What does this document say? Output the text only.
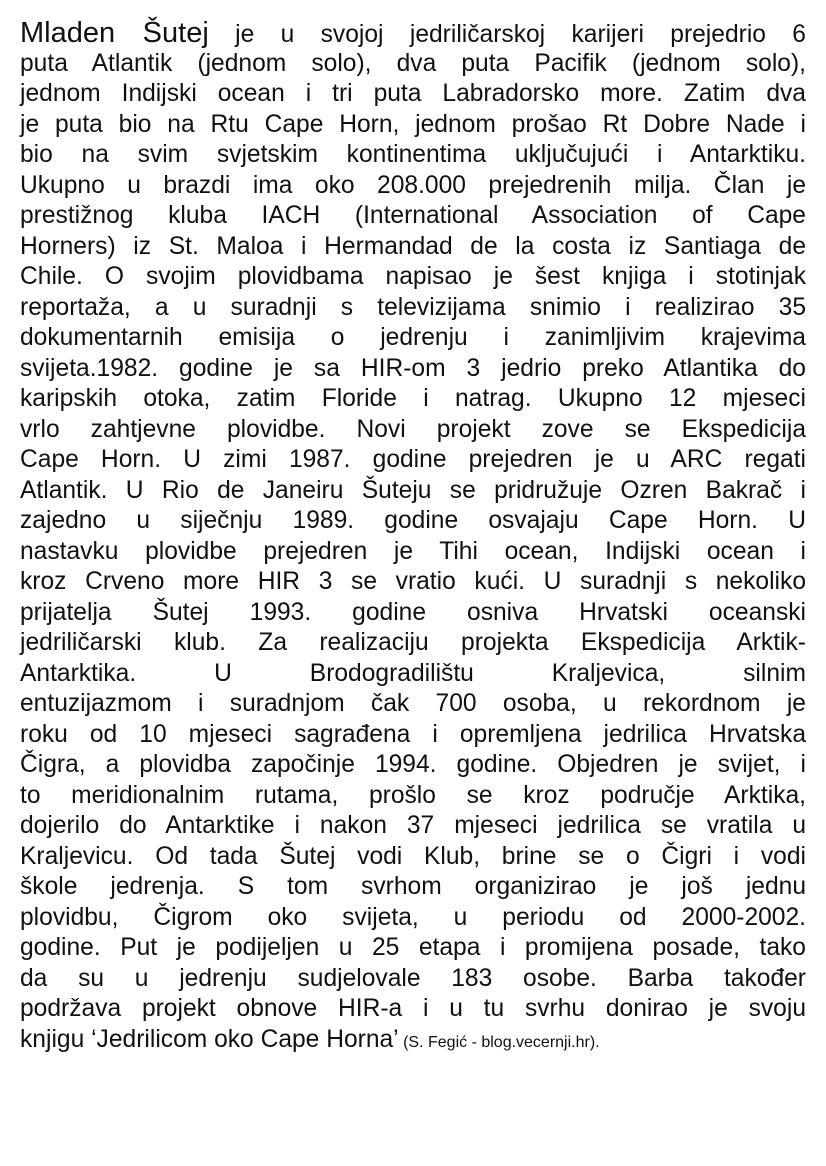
Mladen Šutej je u svojoj jedriličarskoj karijeri prejedrio 6
puta Atlantik (jednom solo), dva puta Pacifik (jednom solo),
jednom Indijski ocean i tri puta Labradorsko more. Zatim dva
je puta bio na Rtu Cape Horn, jednom prošao Rt Dobre Nade i
bio na svim svjetskim kontinentima uključujući i Antarktiku.
Ukupno u brazdi ima oko 208.000 prejedrenih milja. Član je
prestižnog kluba IACH (International Association of Cape
Horners) iz St. Maloa i Hermandad de la costa iz Santiaga de
Chile. O svojim plovidbama napisao je šest knjiga i stotinjak
reportaža, a u suradnji s televizijama snimio i realizirao 35
dokumentarnih emisija o jedrenju i zanimljivim krajevima
svijeta.1982. godine je sa HIR-om 3 jedrio preko Atlantika do
karipskih otoka, zatim Floride i natrag. Ukupno 12 mjeseci
vrlo zahtjevne plovidbe. Novi projekt zove se Ekspedicija
Cape Horn. U zimi 1987. godine prejedren je u ARC regati
Atlantik. U Rio de Janeiru Šuteju se pridružuje Ozren Bakrač i
zajedno u siječnju 1989. godine osvajaju Cape Horn. U
nastavku plovidbe prejedren je Tihi ocean, Indijski ocean i
kroz Crveno more HIR 3 se vratio kući. U suradnji s nekoliko
prijatelja Šutej 1993. godine osniva Hrvatski oceanski
jedriličarski klub. Za realizaciju projekta Ekspedicija Arktik-
Antarktika. U Brodogradilištu Kraljevica, silnim
entuzijazmom i suradnjom čak 700 osoba, u rekordnom je
roku od 10 mjeseci sagrađena i opremljena jedrilica Hrvatska
Čigra, a plovidba započinje 1994. godine. Objedren je svijet, i
to meridionalnim rutama, prošlo se kroz područje Arktika,
dojerilo do Antarktike i nakon 37 mjeseci jedrilica se vratila u
Kraljevicu. Od tada Šutej vodi Klub, brine se o Čigri i vodi
škole jedrenja. S tom svrhom organizirao je još jednu
plovidbu, Čigrom oko svijeta, u periodu od 2000-2002.
godine. Put je podijeljen u 25 etapa i promijena posade, tako
da su u jedrenju sudjelovale 183 osobe. Barba također
podržava projekt obnove HIR-a i u tu svrhu donirao je svoju
knjigu ‘Jedrilicom oko Cape Horna’ (S. Fegić - blog.vecernji.hr).
